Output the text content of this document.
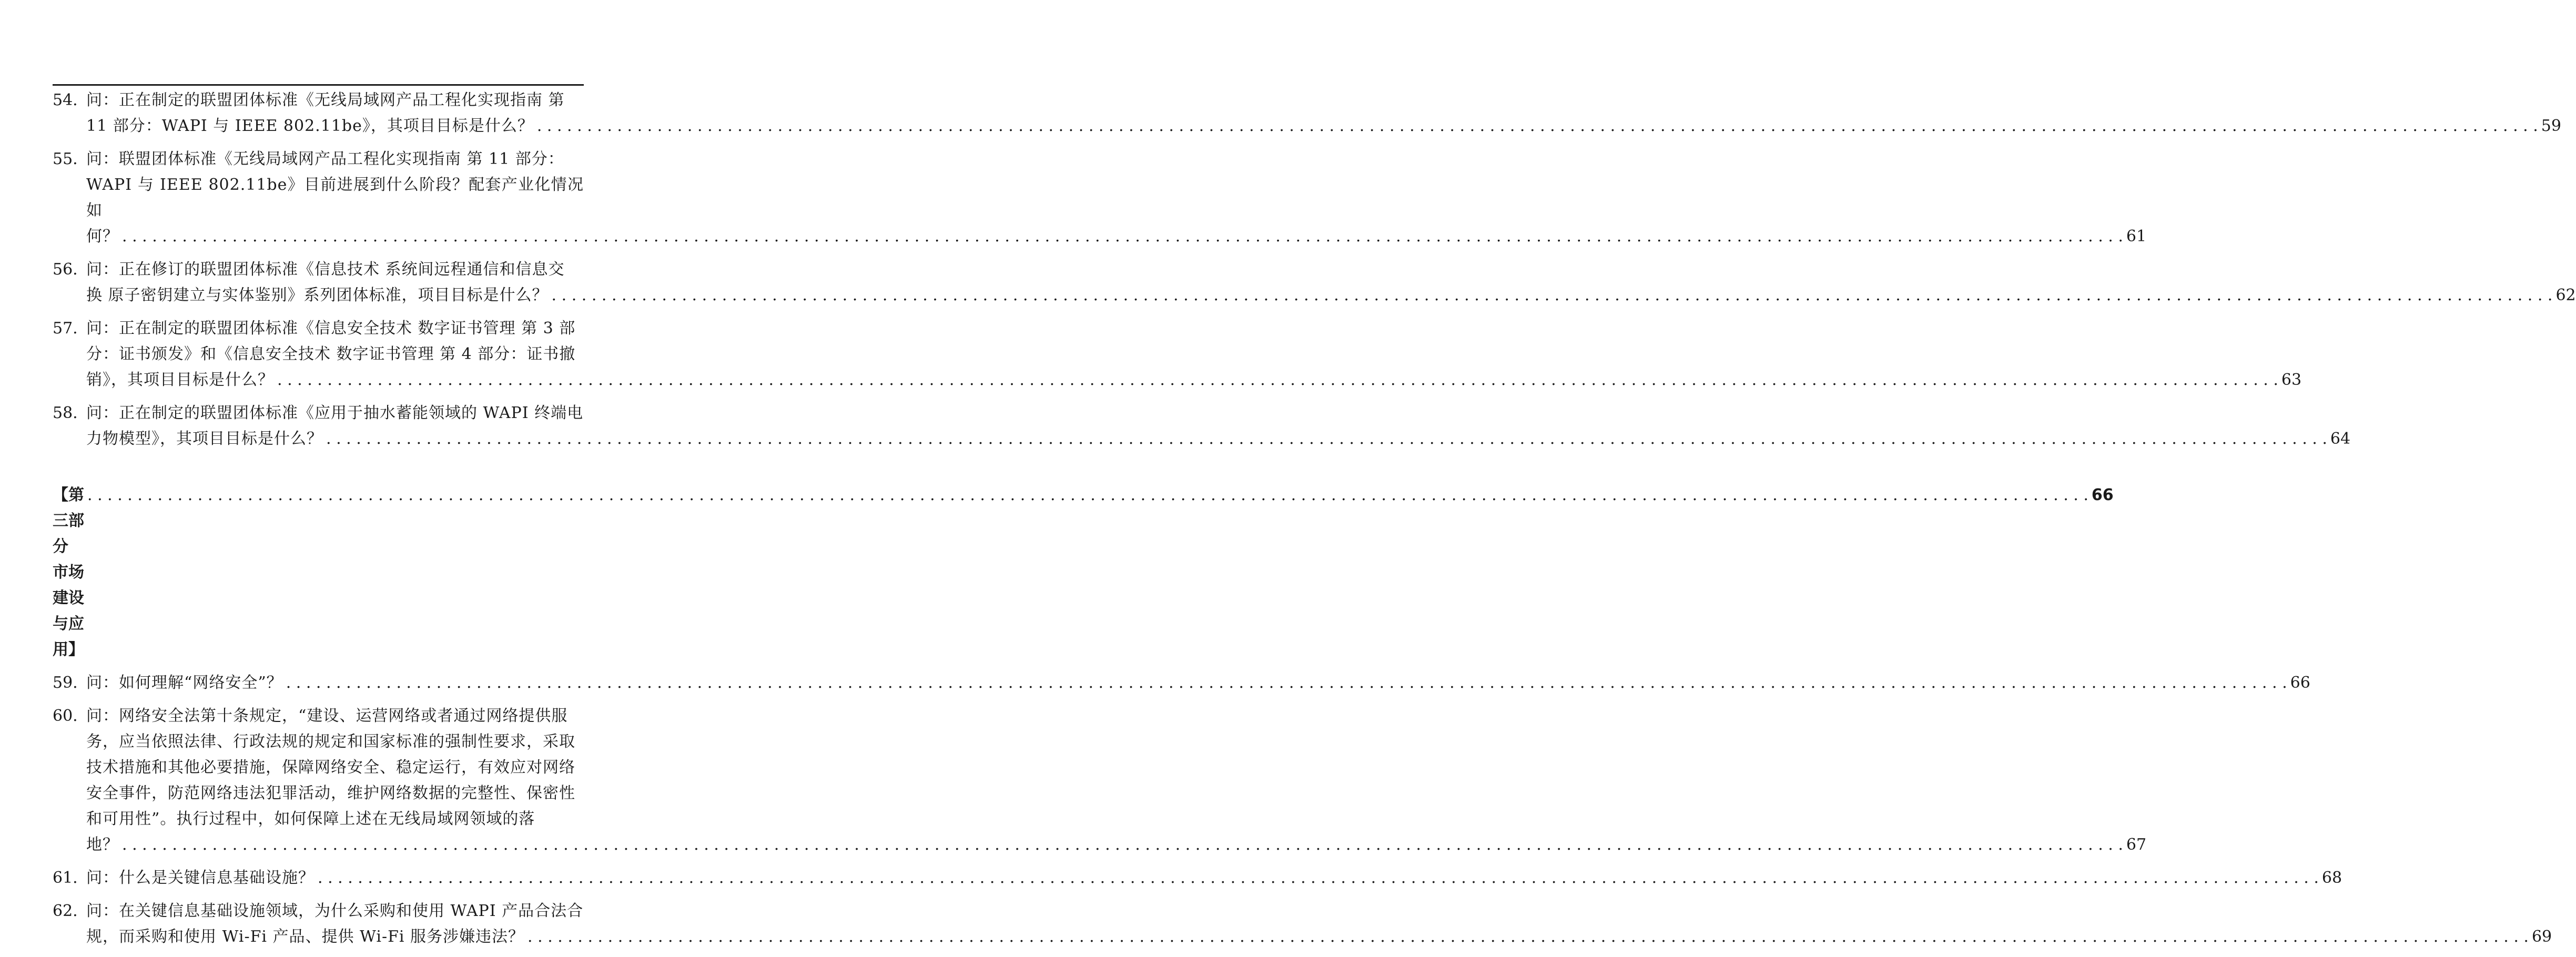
54. 问：正在制定的联盟团体标准《无线局域网产品工程化实现指南 第
11 部分：WAPI 与 IEEE 802.11be》，其项目目标是什么？ . . . . . . . . . . . . . . . . . . . . . . . . . . . . . . . . . . . . . . . . . . . . . . . . . . . . . . . . . . . . . . . . . . . . . . . . . . . . . . . . . . . . . . . . . . . . . . . . . . . . . . . . . . . . . . . . . . . . . . . . . . . . . . . . . . . . . . . . . . . . . . . . . . . . . . . . . . . . . . . . . . . . . . . . . . . . . . . . . . . . . . . . . . . . . . . . . . . . . . . . 59
55. 问：联盟团体标准《无线局域网产品工程化实现指南 第 11 部分：
WAPI 与 IEEE 802.11be》目前进展到什么阶段？配套产业化情况如
何？ . . . . . . . . . . . . . . . . . . . . . . . . . . . . . . . . . . . . . . . . . . . . . . . . . . . . . . . . . . . . . . . . . . . . . . . . . . . . . . . . . . . . . . . . . . . . . . . . . . . . . . . . . . . . . . . . . . . . . . . . . . . . . . . . . . . . . . . . . . . . . . . . . . . . . . . . . . . . . . . . . . . . . . . . . . . . . . . . . . . . . . . . . . . . . . . . . . . . . . . . 61
56. 问：正在修订的联盟团体标准《信息技术 系统间远程通信和信息交
换 原子密钥建立与实体鉴别》系列团体标准，项目目标是什么？ . . . . . . . . . . . . . . . . . . . . . . . . . . . . . . . . . . . . . . . . . . . . . . . . . . . . . . . . . . . . . . . . . . . . . . . . . . . . . . . . . . . . . . . . . . . . . . . . . . . . . . . . . . . . . . . . . . . . . . . . . . . . . . . . . . . . . . . . . . . . . . . . . . . . . . . . . . . . . . . . . . . . . . . . . . . . . . . . . . . . . . . . . . . . . . . . . . . . . . . . 62
57. 问：正在制定的联盟团体标准《信息安全技术 数字证书管理 第 3 部
分：证书颁发》和《信息安全技术 数字证书管理 第 4 部分：证书撤
销》，其项目目标是什么？ . . . . . . . . . . . . . . . . . . . . . . . . . . . . . . . . . . . . . . . . . . . . . . . . . . . . . . . . . . . . . . . . . . . . . . . . . . . . . . . . . . . . . . . . . . . . . . . . . . . . . . . . . . . . . . . . . . . . . . . . . . . . . . . . . . . . . . . . . . . . . . . . . . . . . . . . . . . . . . . . . . . . . . . . . . . . . . . . . . . . . . . . . . . . . . . . . . . . . . . . 63
58. 问：正在制定的联盟团体标准《应用于抽水蓄能领域的 WAPI 终端电
力物模型》，其项目目标是什么？ . . . . . . . . . . . . . . . . . . . . . . . . . . . . . . . . . . . . . . . . . . . . . . . . . . . . . . . . . . . . . . . . . . . . . . . . . . . . . . . . . . . . . . . . . . . . . . . . . . . . . . . . . . . . . . . . . . . . . . . . . . . . . . . . . . . . . . . . . . . . . . . . . . . . . . . . . . . . . . . . . . . . . . . . . . . . . . . . . . . . . . . . . . . . . . . . . . . . . . . . 64
【第三部分 市场建设与应用】
. . . . . . . . . . . . . . . . . . . . . . . . . . . . . . . . . . . . . . . . . . . . . . . . . . . . . . . . . . . . . . . . . . . . . . . . . . . . . . . . . . . . . . . . . . . . . . . . . . . . . . . . . . . . . . . . . . . . . . . . . . . . . . . . . . . . . . . . . . . . . . . . . . . . . . . . . . . . . . . . . . . . . . . . . . . . . . . . . . . . . . . . . . . . . . . . . . . . . . . . 66
59. 问：如何理解“网络安全”？ . . . . . . . . . . . . . . . . . . . . . . . . . . . . . . . . . . . . . . . . . . . . . . . . . . . . . . . . . . . . . . . . . . . . . . . . . . . . . . . . . . . . . . . . . . . . . . . . . . . . . . . . . . . . . . . . . . . . . . . . . . . . . . . . . . . . . . . . . . . . . . . . . . . . . . . . . . . . . . . . . . . . . . . . . . . . . . . . . . . . . . . . . . . . . . . . . . . . . . . . 66
60. 问：网络安全法第十条规定，“建设、运营网络或者通过网络提供服
务，应当依照法律、行政法规的规定和国家标准的强制性要求，采取
技术措施和其他必要措施，保障网络安全、稳定运行，有效应对网络
安全事件，防范网络违法犯罪活动，维护网络数据的完整性、保密性
和可用性”。执行过程中，如何保障上述在无线局域网领域的落
地？ . . . . . . . . . . . . . . . . . . . . . . . . . . . . . . . . . . . . . . . . . . . . . . . . . . . . . . . . . . . . . . . . . . . . . . . . . . . . . . . . . . . . . . . . . . . . . . . . . . . . . . . . . . . . . . . . . . . . . . . . . . . . . . . . . . . . . . . . . . . . . . . . . . . . . . . . . . . . . . . . . . . . . . . . . . . . . . . . . . . . . . . . . . . . . . . . . . . . . . . . 67
61. 问：什么是关键信息基础设施？ . . . . . . . . . . . . . . . . . . . . . . . . . . . . . . . . . . . . . . . . . . . . . . . . . . . . . . . . . . . . . . . . . . . . . . . . . . . . . . . . . . . . . . . . . . . . . . . . . . . . . . . . . . . . . . . . . . . . . . . . . . . . . . . . . . . . . . . . . . . . . . . . . . . . . . . . . . . . . . . . . . . . . . . . . . . . . . . . . . . . . . . . . . . . . . . . . . . . . . . . 68
62. 问：在关键信息基础设施领域，为什么采购和使用 WAPI 产品合法合
规，而采购和使用 Wi-Fi 产品、提供 Wi-Fi 服务涉嫌违法？ . . . . . . . . . . . . . . . . . . . . . . . . . . . . . . . . . . . . . . . . . . . . . . . . . . . . . . . . . . . . . . . . . . . . . . . . . . . . . . . . . . . . . . . . . . . . . . . . . . . . . . . . . . . . . . . . . . . . . . . . . . . . . . . . . . . . . . . . . . . . . . . . . . . . . . . . . . . . . . . . . . . . . . . . . . . . . . . . . . . . . . . . . . . . . . . . . . . . . . . . 69
